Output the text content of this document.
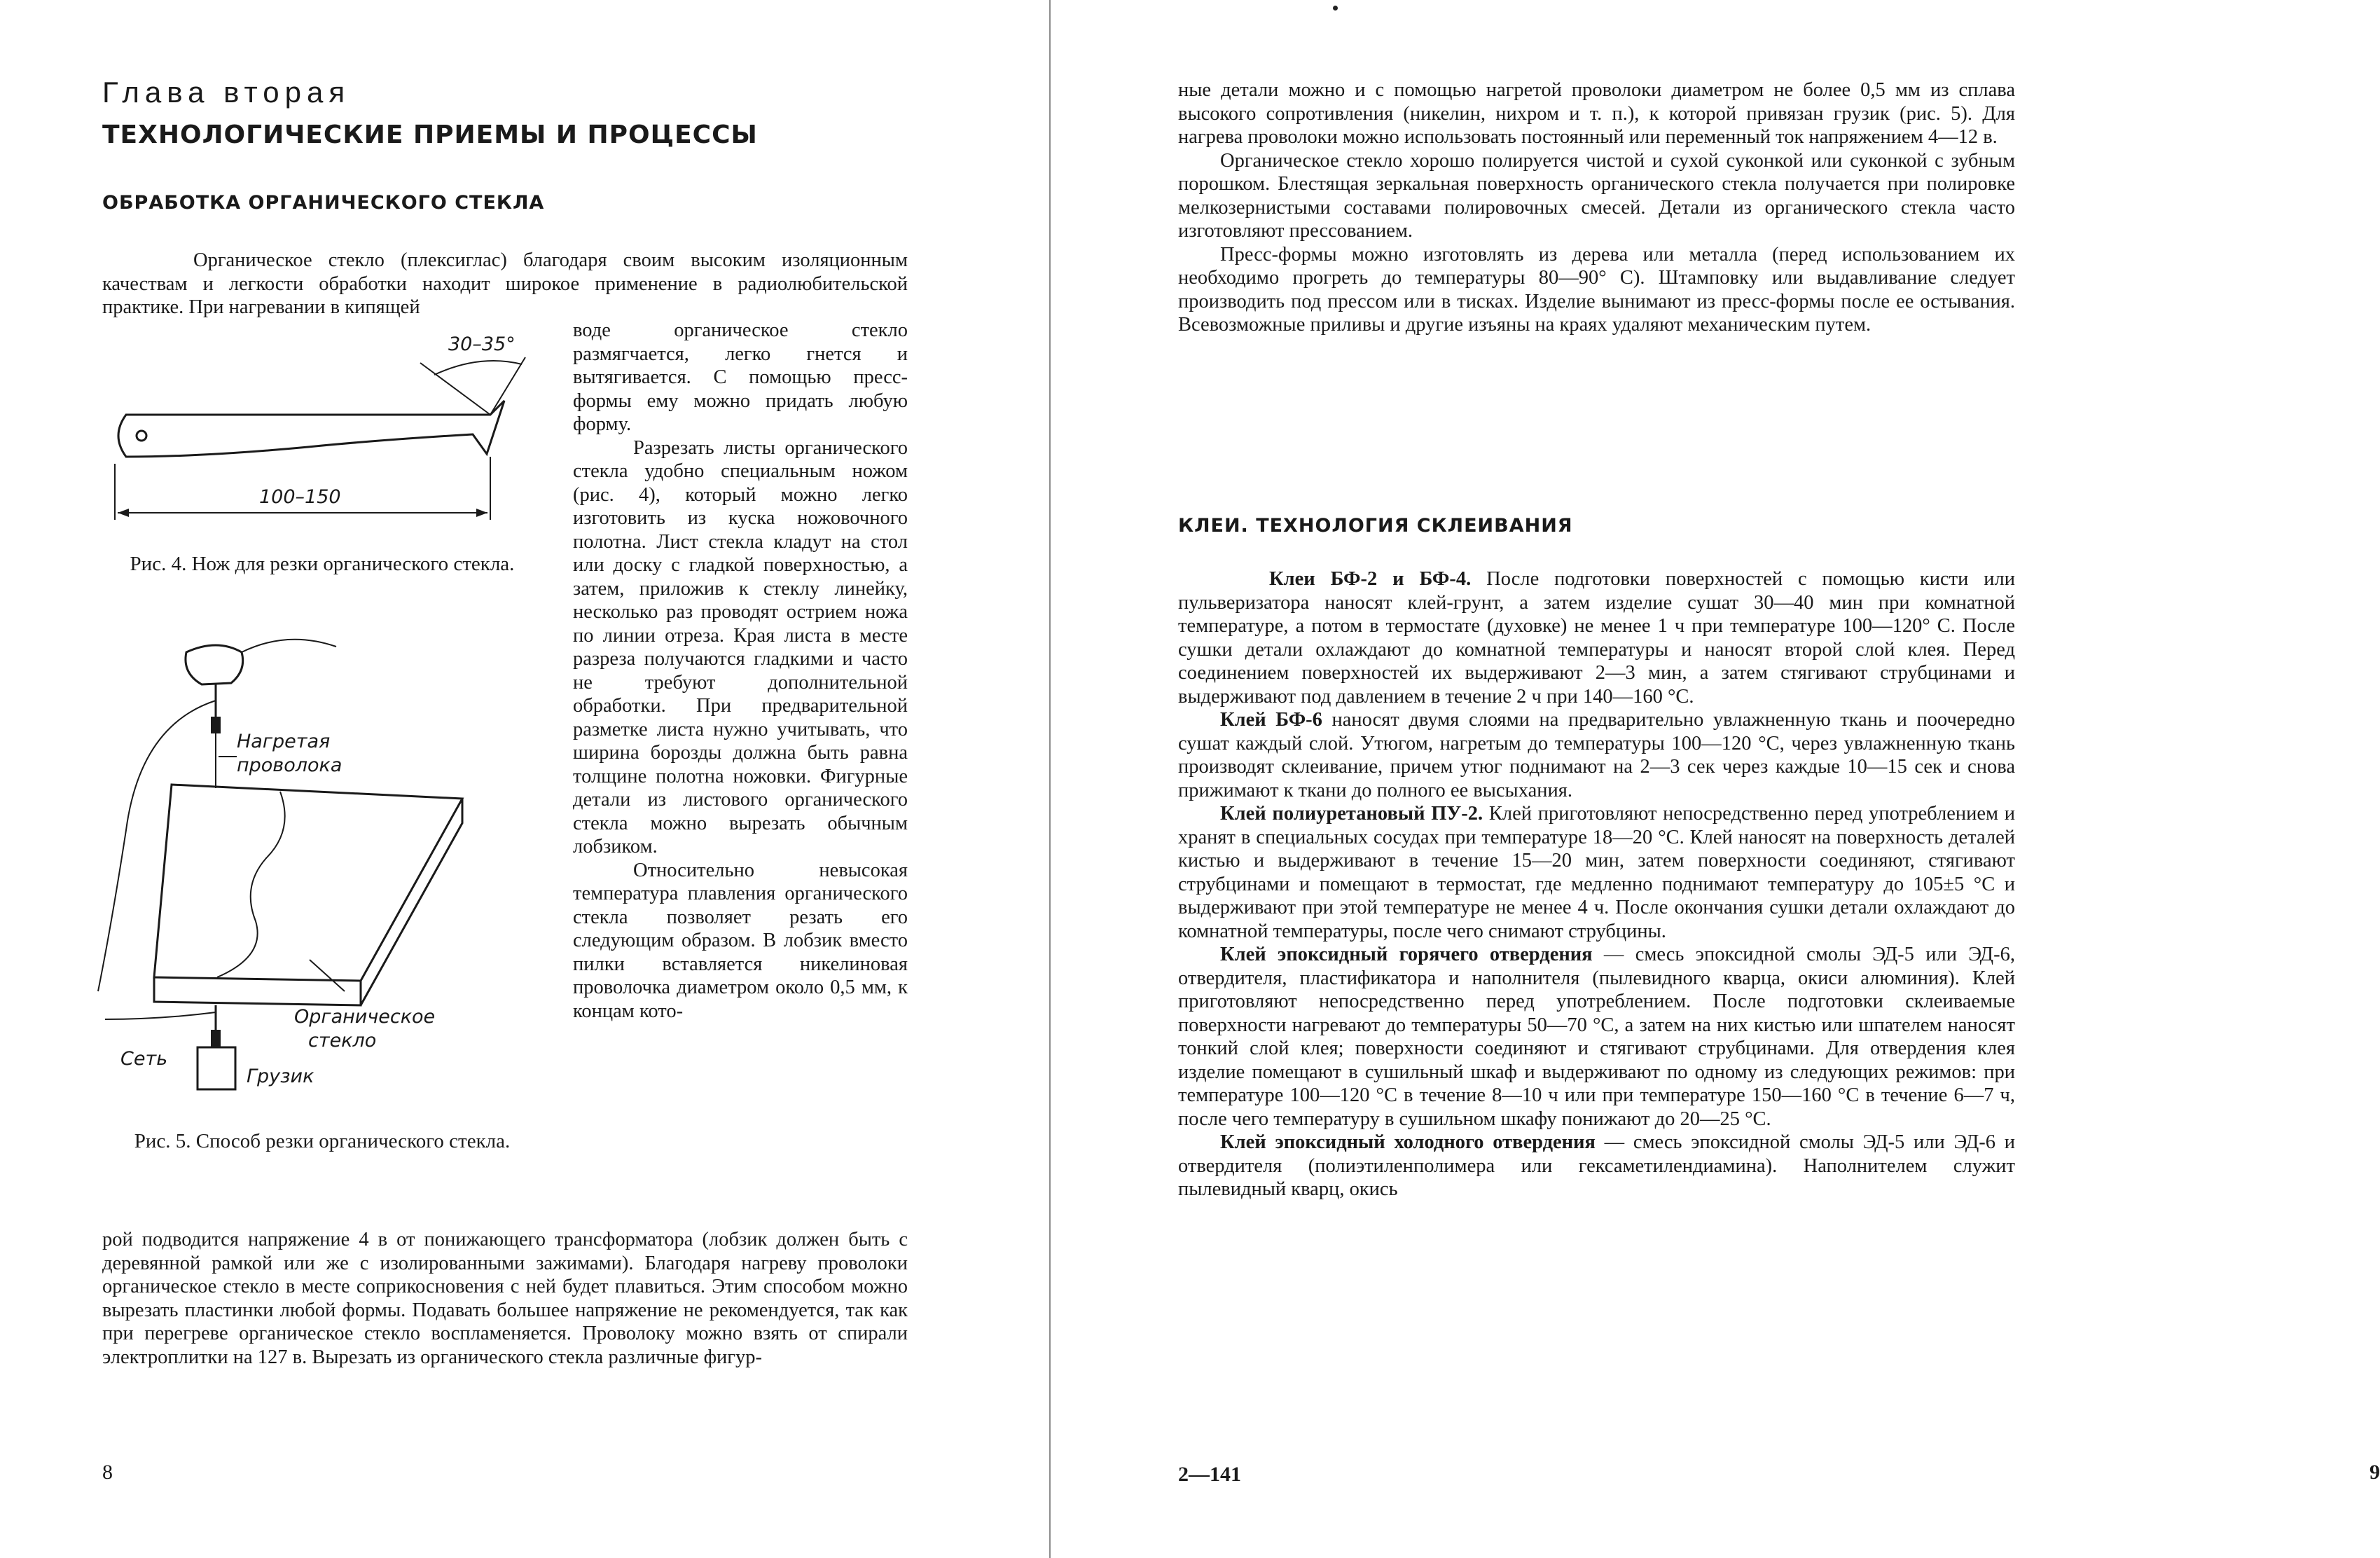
Глава вторая
ТЕХНОЛОГИЧЕСКИЕ ПРИЕМЫ И ПРОЦЕССЫ
ОБРАБОТКА ОРГАНИЧЕСКОГО СТЕКЛА

Органическое стекло (плексиглас) благодаря своим высоким изоляционным качествам и легкости обработки находит широкое применение в радиолюбительской практике. При нагревании в кипящей

30–35°
100–150

Рис. 4. Нож для резки органического стекла.

Нагретая
проволока
Органическое
стекло
Сеть
Грузик

Рис. 5. Способ резки органического стекла.

воде органическое стекло размягчается, легко гнется и вытягивается. С помощью пресс-формы ему можно придать любую форму.

Разрезать листы органического стекла удобно специальным ножом (рис. 4), который можно легко изготовить из куска ножовочного полотна. Лист стекла кладут на стол или доску с гладкой поверхностью, а затем, приложив к стеклу линейку, несколько раз проводят острием ножа по линии отреза. Края листа в месте разреза получаются гладкими и часто не требуют дополнительной обработки. При предварительной разметке листа нужно учитывать, что ширина борозды должна быть равна толщине полотна ножовки. Фигурные детали из листового органического стекла можно вырезать обычным лобзиком.

Относительно невысокая температура плавления органического стекла позволяет резать его следующим образом. В лобзик вместо пилки вставляется никелиновая проволочка диаметром около 0,5 мм, к концам кото-

рой подводится напряжение 4 в от понижающего трансформатора (лобзик должен быть с деревянной рамкой или же с изолированными зажимами). Благодаря нагреву проволоки органическое стекло в месте соприкосновения с ней будет плавиться. Этим способом можно вырезать пластинки любой формы. Подавать большее напряжение не рекомендуется, так как при перегреве органическое стекло воспламеняется. Проволоку можно взять от спирали электроплитки на 127 в. Вырезать из органического стекла различные фигур-

8

ные детали можно и с помощью нагретой проволоки диаметром не более 0,5 мм из сплава высокого сопротивления (никелин, нихром и т. п.), к которой привязан грузик (рис. 5). Для нагрева проволоки можно использовать постоянный или переменный ток напряжением 4—12 в.

Органическое стекло хорошо полируется чистой и сухой суконкой или суконкой с зубным порошком. Блестящая зеркальная поверхность органического стекла получается при полировке мелкозернистыми составами полировочных смесей. Детали из органического стекла часто изготовляют прессованием.

Пресс-формы можно изготовлять из дерева или металла (перед использованием их необходимо прогреть до температуры 80—90° С). Штамповку или выдавливание следует производить под прессом или в тисках. Изделие вынимают из пресс-формы после ее остывания. Всевозможные приливы и другие изъяны на краях удаляют механическим путем.

КЛЕИ. ТЕХНОЛОГИЯ СКЛЕИВАНИЯ

Клеи БФ-2 и БФ-4. После подготовки поверхностей с помощью кисти или пульверизатора наносят клей-грунт, а затем изделие сушат 30—40 мин при комнатной температуре, а потом в термостате (духовке) не менее 1 ч при температуре 100—120° С. После сушки детали охлаждают до комнатной температуры и наносят второй слой клея. Перед соединением поверхностей их выдерживают 2—3 мин, а затем стягивают струбцинами и выдерживают под давлением в течение 2 ч при 140—160 °С.

Клей БФ-6 наносят двумя слоями на предварительно увлажненную ткань и поочередно сушат каждый слой. Утюгом, нагретым до температуры 100—120 °С, через увлажненную ткань производят склеивание, причем утюг поднимают на 2—3 сек через каждые 10—15 сек и снова прижимают к ткани до полного ее высыхания.

Клей полиуретановый ПУ-2. Клей приготовляют непосредственно перед употреблением и хранят в специальных сосудах при температуре 18—20 °С. Клей наносят на поверхность деталей кистью и выдерживают в течение 15—20 мин, затем поверхности соединяют, стягивают струбцинами и помещают в термостат, где медленно поднимают температуру до 105±5 °С и выдерживают при этой температуре не менее 4 ч. После окончания сушки детали охлаждают до комнатной температуры, после чего снимают струбцины.

Клей эпоксидный горячего отвердения — смесь эпоксидной смолы ЭД-5 или ЭД-6, отвердителя, пластификатора и наполнителя (пылевидного кварца, окиси алюминия). Клей приготовляют непосредственно перед употреблением. После подготовки склеиваемые поверхности нагревают до температуры 50—70 °С, а затем на них кистью или шпателем наносят тонкий слой клея; поверхности соединяют и стягивают струбцинами. Для отвердения клея изделие помещают в сушильный шкаф и выдерживают по одному из следующих режимов: при температуре 100—120 °С в течение 8—10 ч или при температуре 150—160 °С в течение 6—7 ч, после чего температуру в сушильном шкафу понижают до 20—25 °С.

Клей эпоксидный холодного отвердения — смесь эпоксидной смолы ЭД-5 или ЭД-6 и отвердителя (полиэтиленполимера или гексаметилендиамина). Наполнителем служит пылевидный кварц, окись

2—141	9
